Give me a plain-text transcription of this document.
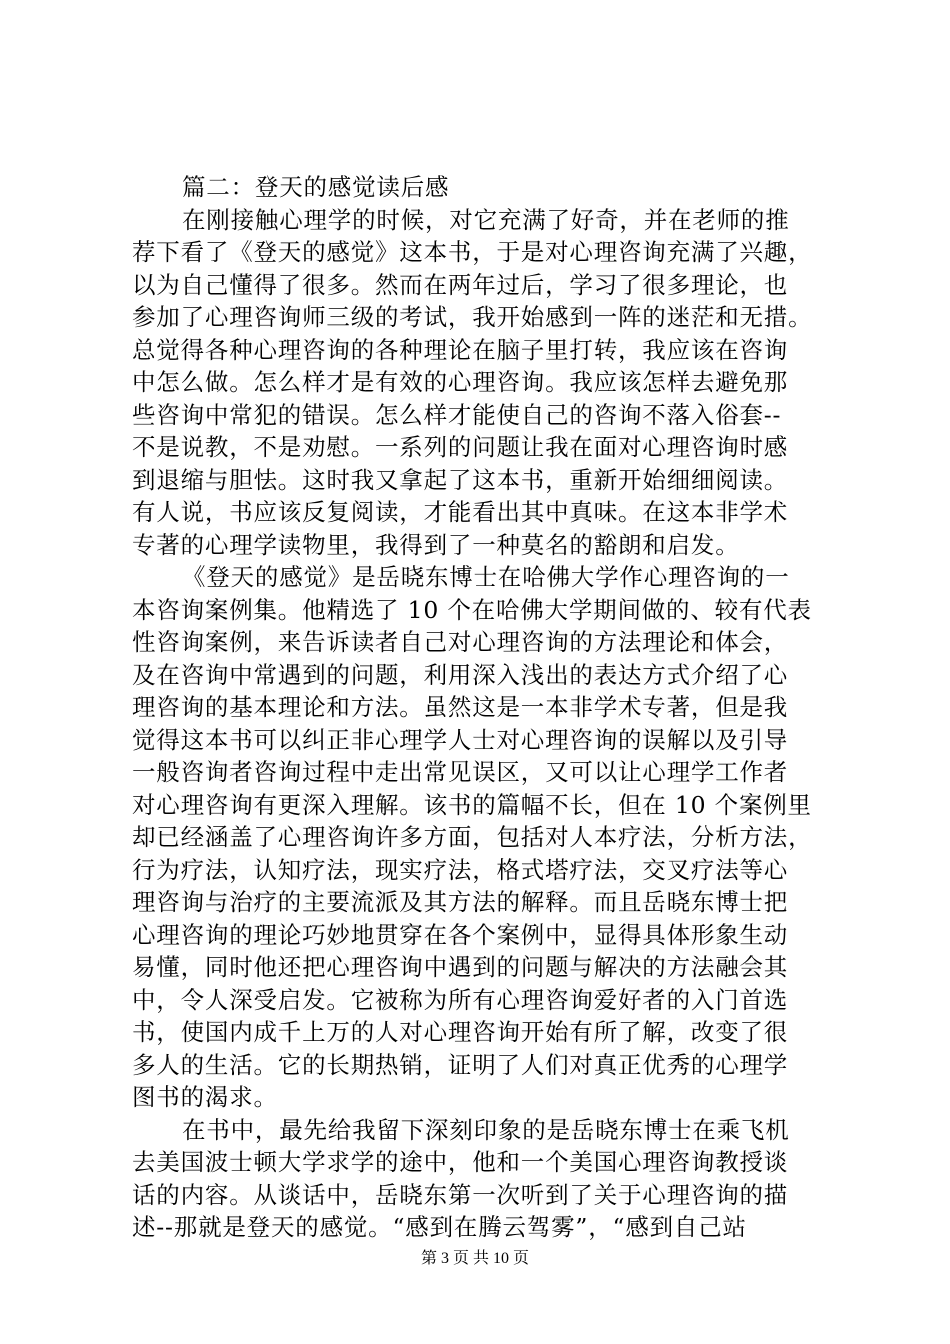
篇二：登天的感觉读后感
在刚接触心理学的时候，对它充满了好奇，并在老师的推
荐下看了《登天的感觉》这本书，于是对心理咨询充满了兴趣，
以为自己懂得了很多。然而在两年过后，学习了很多理论，也
参加了心理咨询师三级的考试，我开始感到一阵的迷茫和无措。
总觉得各种心理咨询的各种理论在脑子里打转，我应该在咨询
中怎么做。怎么样才是有效的心理咨询。我应该怎样去避免那
些咨询中常犯的错误。怎么样才能使自己的咨询不落入俗套--
不是说教，不是劝慰。一系列的问题让我在面对心理咨询时感
到退缩与胆怯。这时我又拿起了这本书，重新开始细细阅读。
有人说，书应该反复阅读，才能看出其中真味。在这本非学术
专著的心理学读物里，我得到了一种莫名的豁朗和启发。
《登天的感觉》是岳晓东博士在哈佛大学作心理咨询的一
本咨询案例集。他精选了 10 个在哈佛大学期间做的、较有代表
性咨询案例，来告诉读者自己对心理咨询的方法理论和体会，
及在咨询中常遇到的问题，利用深入浅出的表达方式介绍了心
理咨询的基本理论和方法。虽然这是一本非学术专著，但是我
觉得这本书可以纠正非心理学人士对心理咨询的误解以及引导
一般咨询者咨询过程中走出常见误区，又可以让心理学工作者
对心理咨询有更深入理解。该书的篇幅不长，但在 10 个案例里
却已经涵盖了心理咨询许多方面，包括对人本疗法，分析方法，
行为疗法，认知疗法，现实疗法，格式塔疗法，交叉疗法等心
理咨询与治疗的主要流派及其方法的解释。而且岳晓东博士把
心理咨询的理论巧妙地贯穿在各个案例中，显得具体形象生动
易懂，同时他还把心理咨询中遇到的问题与解决的方法融会其
中，令人深受启发。它被称为所有心理咨询爱好者的入门首选
书，使国内成千上万的人对心理咨询开始有所了解，改变了很
多人的生活。它的长期热销，证明了人们对真正优秀的心理学
图书的渴求。
在书中，最先给我留下深刻印象的是岳晓东博士在乘飞机
去美国波士顿大学求学的途中，他和一个美国心理咨询教授谈
话的内容。从谈话中，岳晓东第一次听到了关于心理咨询的描
述--那就是登天的感觉。“感到在腾云驾雾”，“感到自己站
第 3 页 共 10 页
